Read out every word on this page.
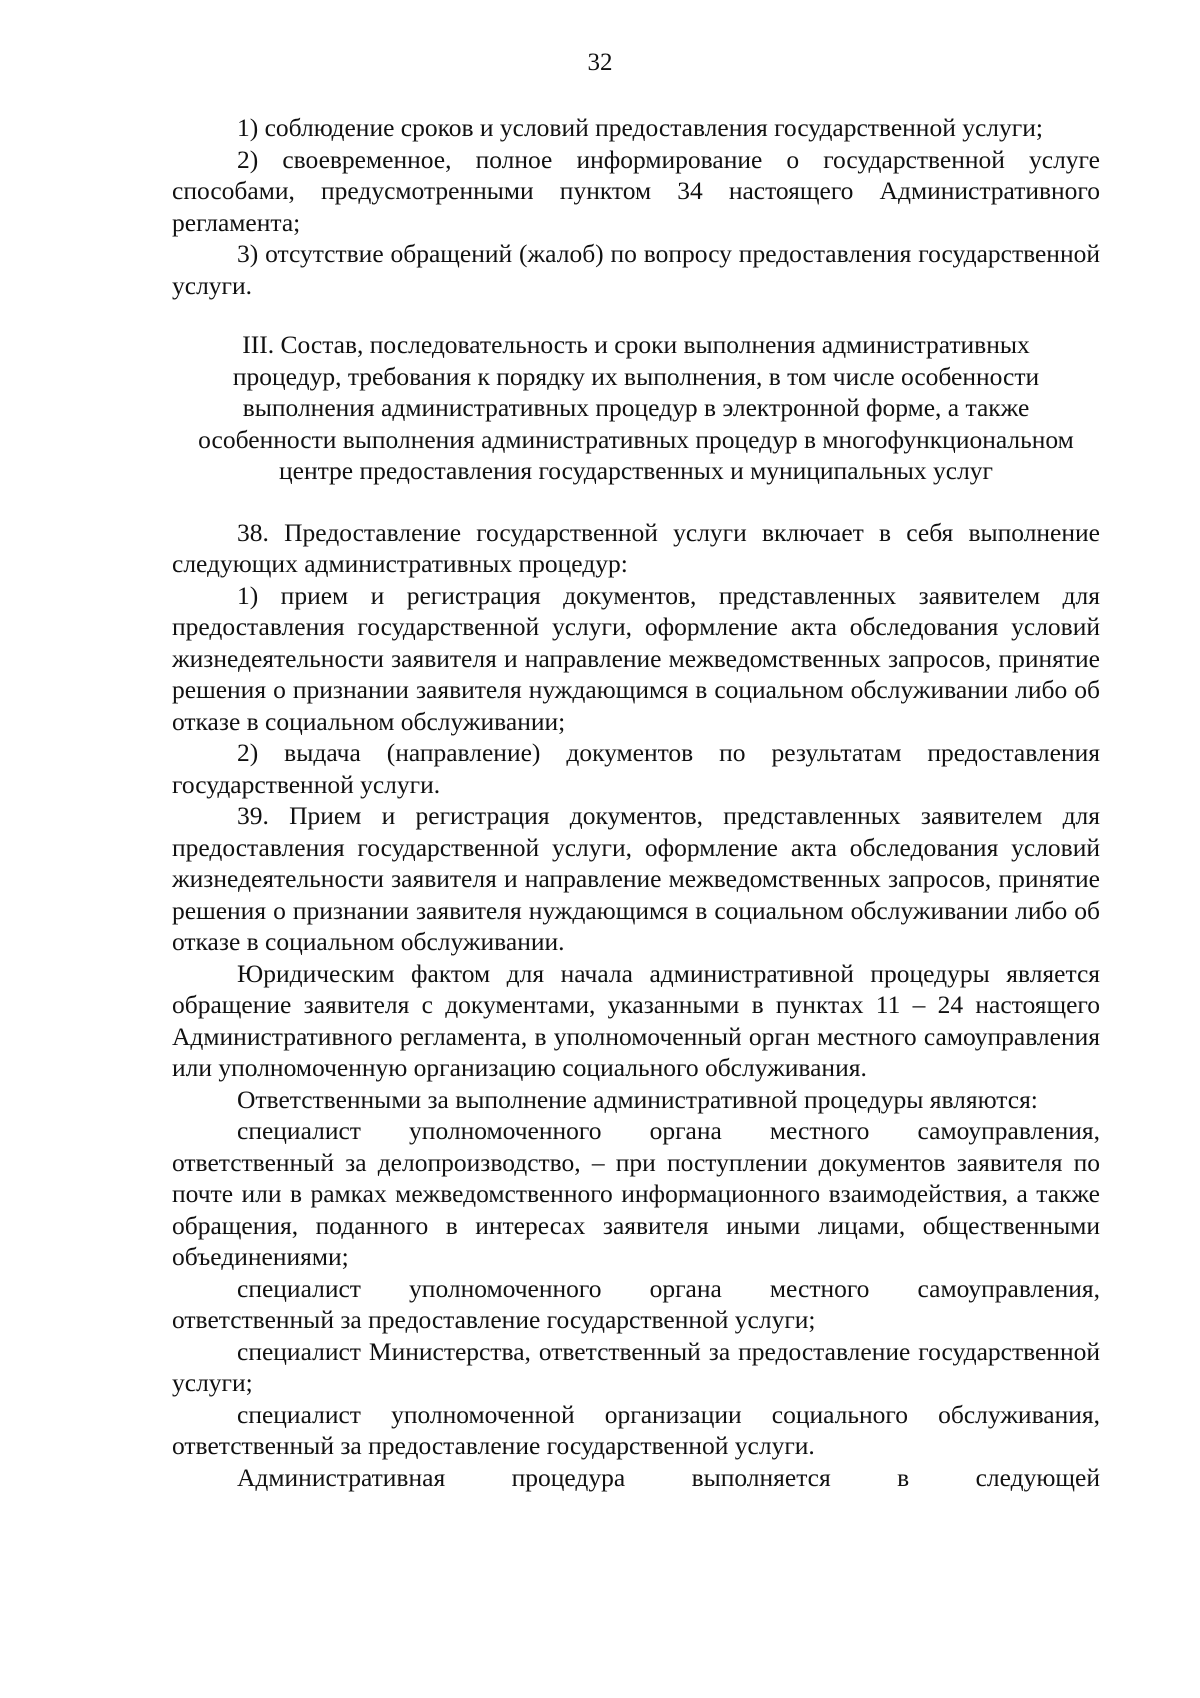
32

1) соблюдение сроков и условий предоставления государственной услуги;

2) своевременное, полное информирование о государственной услуге способами, предусмотренными пунктом 34 настоящего Административного регламента;

3) отсутствие обращений (жалоб) по вопросу предоставления государственной услуги.

III. Состав, последовательность и сроки выполнения административных
процедур, требования к порядку их выполнения, в том числе особенности
выполнения административных процедур в электронной форме, а также
особенности выполнения административных процедур в многофункциональном
центре предоставления государственных и муниципальных услуг

38. Предоставление государственной услуги включает в себя выполнение следующих административных процедур:

1) прием и регистрация документов, представленных заявителем для предоставления государственной услуги, оформление акта обследования условий жизнедеятельности заявителя и направление межведомственных запросов, принятие решения о признании заявителя нуждающимся в социальном обслуживании либо об отказе в социальном обслуживании;

2) выдача (направление) документов по результатам предоставления государственной услуги.

39. Прием и регистрация документов, представленных заявителем для предоставления государственной услуги, оформление акта обследования условий жизнедеятельности заявителя и направление межведомственных запросов, принятие решения о признании заявителя нуждающимся в социальном обслуживании либо об отказе в социальном обслуживании.

Юридическим фактом для начала административной процедуры является обращение заявителя с документами, указанными в пунктах 11 – 24 настоящего Административного регламента, в уполномоченный орган местного самоуправления или уполномоченную организацию социального обслуживания.

Ответственными за выполнение административной процедуры являются:

специалист уполномоченного органа местного самоуправления, ответственный за делопроизводство, – при поступлении документов заявителя по почте или в рамках межведомственного информационного взаимодействия, а также обращения, поданного в интересах заявителя иными лицами, общественными объединениями;

специалист уполномоченного органа местного самоуправления, ответственный за предоставление государственной услуги;

специалист Министерства, ответственный за предоставление государственной услуги;

специалист уполномоченной организации социального обслуживания, ответственный за предоставление государственной услуги.

Административная процедура выполняется в следующей
